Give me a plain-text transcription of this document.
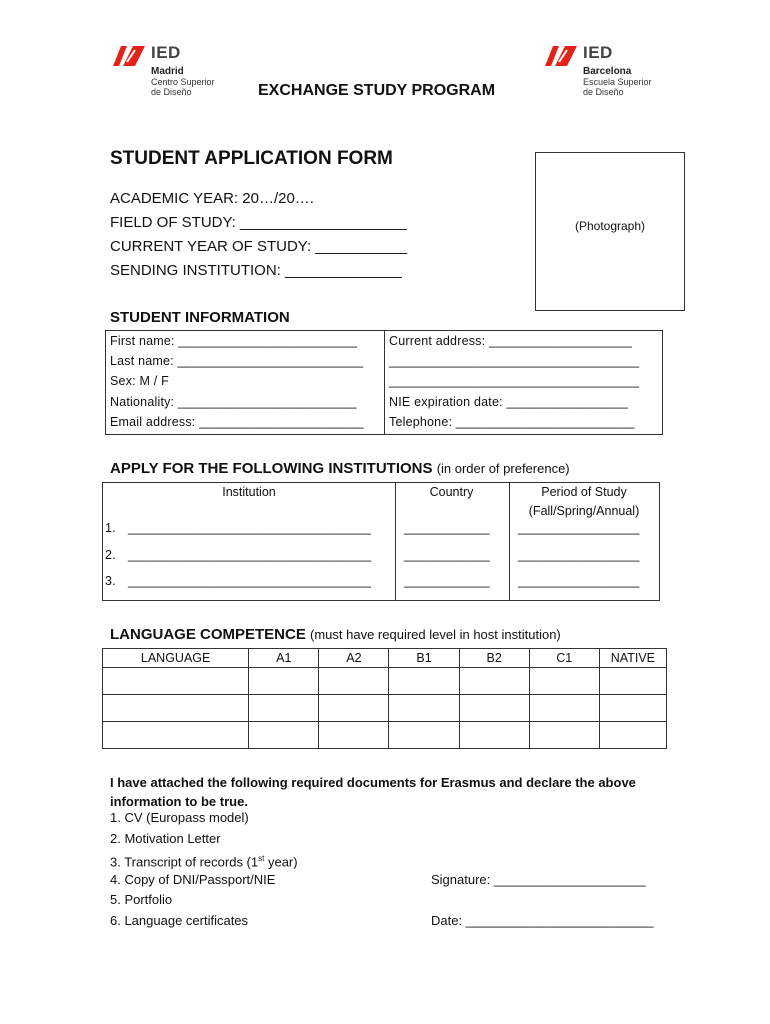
IED
Madrid
Centro Superior
de Diseño
IED
Barcelona
Escuela Superior
de Diseño
EXCHANGE STUDY PROGRAM
STUDENT APPLICATION FORM
ACADEMIC YEAR: 20…/20….
FIELD OF STUDY: ____________________
CURRENT YEAR OF STUDY: ___________
SENDING INSTITUTION: ______________
(Photograph)
STUDENT INFORMATION
First name: _________________________
Last name: __________________________
Sex: M / F
Nationality: _________________________
Email address: _______________________
Current address: ____________________
___________________________________
___________________________________
NIE expiration date: _________________
Telephone: _________________________
APPLY FOR THE FOLLOWING INSTITUTIONS (in order of preference)
Institution	Country	Period of Study
(Fall/Spring/Annual)
1. __________________________________	____________ _________________
2. __________________________________	____________ _________________
3. __________________________________	____________ _________________
LANGUAGE COMPETENCE (must have required level in host institution)
LANGUAGE	A1	A2	B1	B2	C1	NATIVE

I have attached the following required documents for Erasmus and declare the above
information to be true.
1. CV (Europass model)
2. Motivation Letter
3. Transcript of records (1st year)
4. Copy of DNI/Passport/NIE
5. Portfolio
6. Language certificates
Signature: _____________________
Date: __________________________
